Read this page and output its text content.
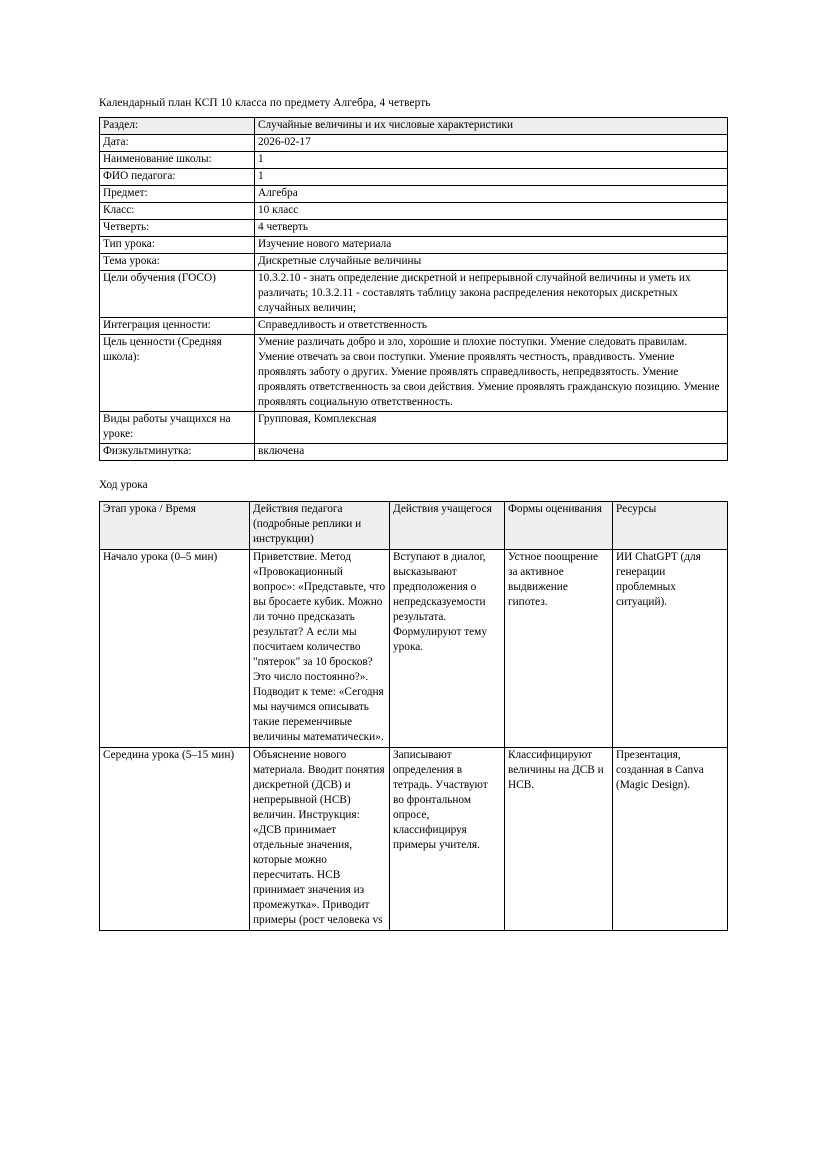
Календарный план КСП 10 класса по предмету Алгебра, 4 четверть
Раздел:	Случайные величины и их числовые характеристики
Дата:	2026-02-17
Наименование школы:	1
ФИО педагога:	1
Предмет:	Алгебра
Класс:	10 класс
Четверть:	4 четверть
Тип урока:	Изучение нового материала
Тема урока:	Дискретные случайные величины
Цели обучения (ГОСО)	10.3.2.10 - знать определение дискретной и непрерывной случайной величины и уметь их различать; 10.3.2.11 - составлять таблицу закона распределения некоторых дискретных случайных величин;
Интеграция ценности:	Справедливость и ответственность
Цель ценности (Средняя школа):	Умение различать добро и зло, хорошие и плохие поступки. Умение следовать правилам. Умение отвечать за свои поступки. Умение проявлять честность, правдивость. Умение проявлять заботу о других. Умение проявлять справедливость, непредвзятость. Умение проявлять ответственность за свои действия. Умение проявлять гражданскую позицию. Умение проявлять социальную ответственность.
Виды работы учащихся на уроке:	Групповая, Комплексная
Физкультминутка:	включена
Ход урока
Этап урока / Время	Действия педагога (подробные реплики и инструкции)	Действия учащегося	Формы оценивания	Ресурсы
Начало урока (0–5 мин)	Приветствие. Метод «Провокационный вопрос»: «Представьте, что вы бросаете кубик. Можно ли точно предсказать результат? А если мы посчитаем количество "пятерок" за 10 бросков? Это число постоянно?». Подводит к теме: «Сегодня мы научимся описывать такие переменчивые величины математически».	Вступают в диалог, высказывают предположения о непредсказуемости результата. Формулируют тему урока.	Устное поощрение за активное выдвижение гипотез.	ИИ ChatGPT (для генерации проблемных ситуаций).
Середина урока (5–15 мин)	Объяснение нового материала. Вводит понятия дискретной (ДСВ) и непрерывной (НСВ) величин. Инструкция: «ДСВ принимает отдельные значения, которые можно пересчитать. НСВ принимает значения из промежутка». Приводит примеры (рост человека vs	Записывают определения в тетрадь. Участвуют во фронтальном опросе, классифицируя примеры учителя.	Классифицируют величины на ДСВ и НСВ.	Презентация, созданная в Canva (Magic Design).
